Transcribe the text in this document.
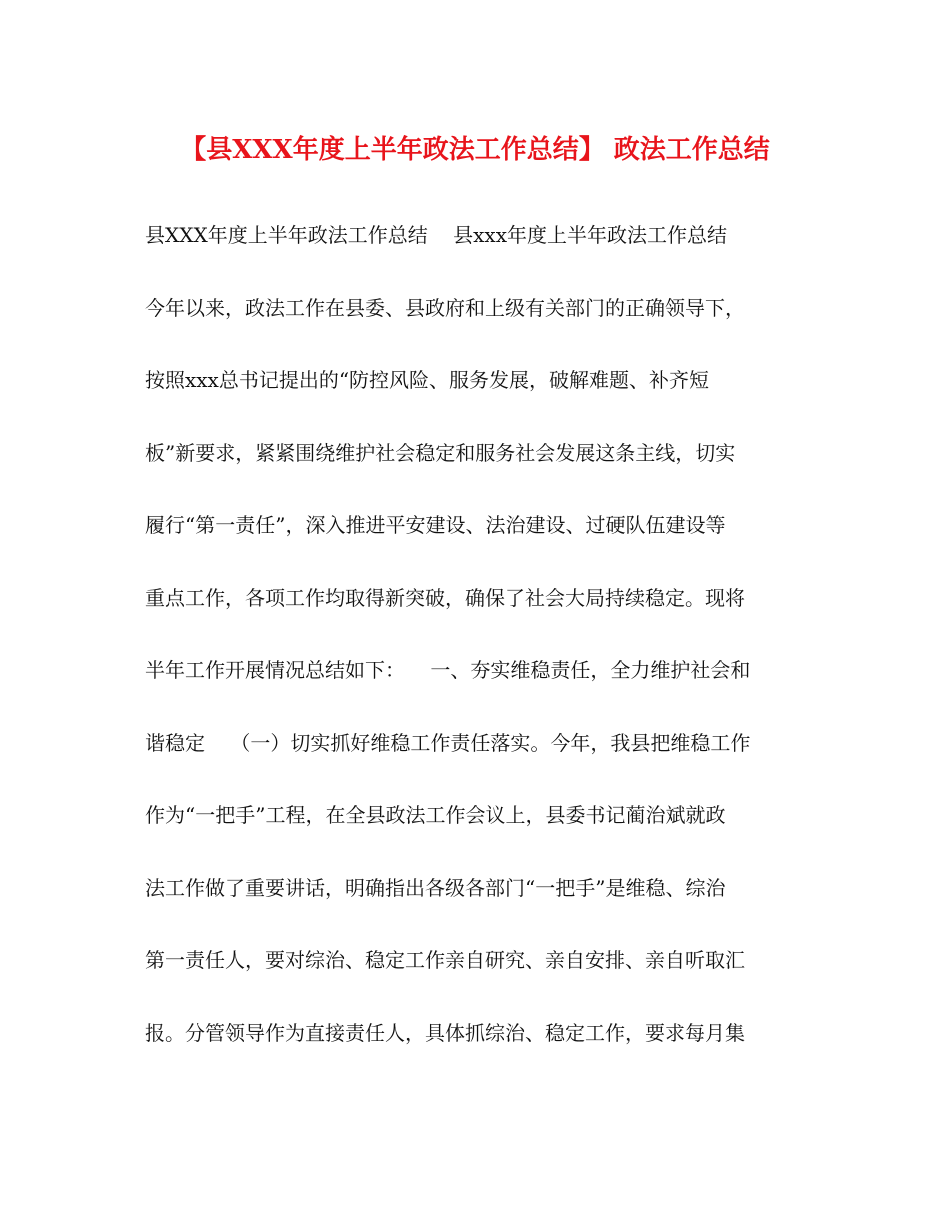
【县XXX年度上半年政法工作总结】 政法工作总结
县XXX年度上半年政法工作总结    县xxx年度上半年政法工作总结
今年以来，政法工作在县委、县政府和上级有关部门的正确领导下，
按照xxx总书记提出的“防控风险、服务发展，破解难题、补齐短
板”新要求，紧紧围绕维护社会稳定和服务社会发展这条主线，切实
履行“第一责任”，深入推进平安建设、法治建设、过硬队伍建设等
重点工作，各项工作均取得新突破，确保了社会大局持续稳定。现将
半年工作开展情况总结如下：    一、夯实维稳责任，全力维护社会和
谐稳定    （一）切实抓好维稳工作责任落实。今年，我县把维稳工作
作为“一把手”工程，在全县政法工作会议上，县委书记蔺治斌就政
法工作做了重要讲话，明确指出各级各部门“一把手”是维稳、综治
第一责任人，要对综治、稳定工作亲自研究、亲自安排、亲自听取汇
报。分管领导作为直接责任人，具体抓综治、稳定工作，要求每月集
